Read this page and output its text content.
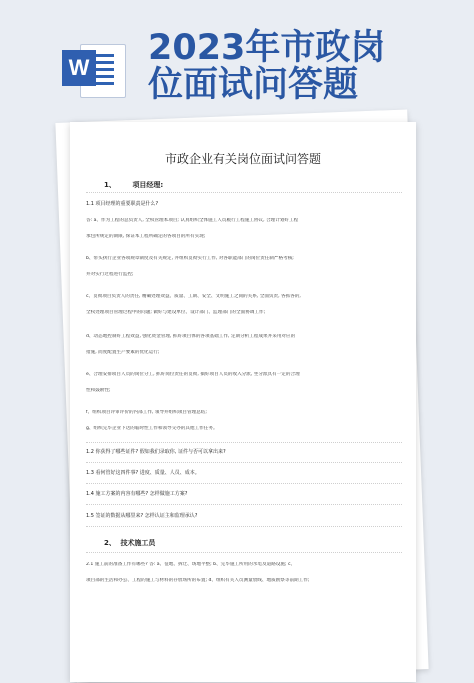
W 2023年市政岗
位面试问答题
市政企业有关岗位面试问答题
1、 项目经理:
1.1 项目经理的重要职责是什么?
答: a、作为工程的总负责人, 全权管理本项目; 认真组织全体施工人员履行工程施工协议, 合理计划好工程
承包所规定的期限, 保证本工程所确定的各项目的所有实现;
b、带头执行企业各项规章制度及有关规定, 并组织贯彻实行工作, 对各职能部门的岗位责任制严格考核;
并对实行过程进行监控;
c、贯彻项目负责人的责任, 精确处理效益、质量、工期、安全、文明施工之间的关系, 全面负责, 各抓各的,
全权处理项目管理过程中的问题; 做好与建设单位、设计部门、监理部门的全面协调工作;
d、动态地控制好工程效益, 强化资金管理, 抓好项目体的各项基础工作, 定期分析工程成果并采用对应的
措施, 而度配置生产要素的优化运行;
e、合理安排项目人员的岗位分工, 抓好岗位责任的贯彻, 搞好项目人员的收入分派, 坐分派具有一定的合理
性和鼓励性;
f、组织项目评审评价的内部工作, 领导并组织项目管理总结;
g、组织完毕企业下达的临时性工作和领导交办的其他工作任务。
1.2 你获得了哪些证件? 假如我们录取你, 证件与否可以拿出来?
1.3 看何管好这四件事? 进度、质量、人员、成本。
1.4 施工方案的内容有哪些? 怎样做施工方案?
1.5 签证的数据从哪里来? 怎样认证主和监理承认?
2、 技术施工员
2.1 施工前的准备工作有哪些? 答: a、征地、拆迁、场地平整; b、完毕施工所用的水电及道路设施; c、
项目部的生活和办公、工程的施工与材料的存放场所的布置; d、组织有关人员测量放线、地质勘察等前期工作;
